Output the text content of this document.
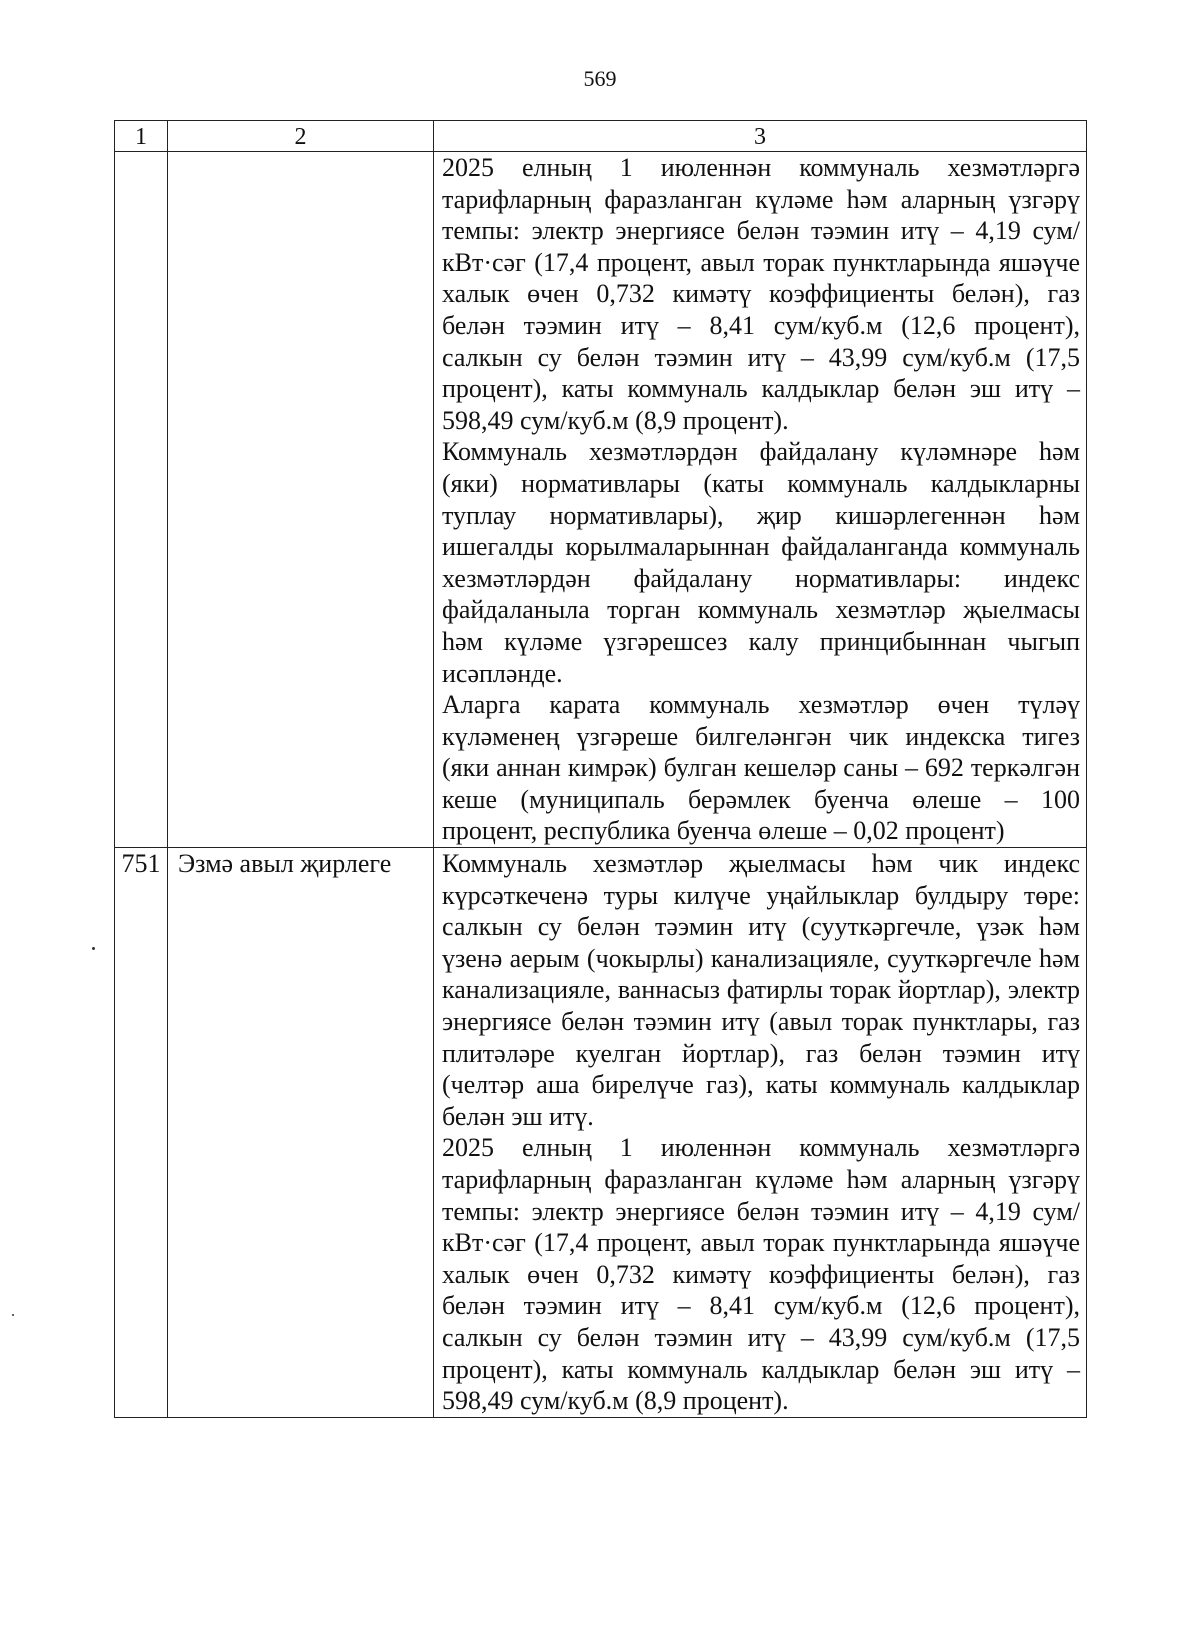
569
1	2	3

		2025 елның 1 июленнән коммуналь хезмәтләргә тарифларның фаразланган күләме һәм аларның үзгәрү темпы: электр энергиясе белән тәэмин итү – 4,19 сум/кВт·сәг (17,4 процент, авыл торак пунктларында яшәүче халык өчен 0,732 кимәтү коэффициенты белән), газ белән тәэмин итү – 8,41 сум/куб.м (12,6 процент), салкын су белән тәэмин итү – 43,99 сум/куб.м (17,5 процент), каты коммуналь калдыклар белән эш итү – 598,49 сум/куб.м (8,9 процент).

Коммуналь хезмәтләрдән файдалану күләмнәре һәм (яки) нормативлары (каты коммуналь калдыкларны туплау нормативлары), җир кишәрлегеннән һәм ишегалды корылмаларыннан файдаланганда коммуналь хезмәтләрдән файдалану нормативлары: индекс файдаланыла торган коммуналь хезмәтләр җыелмасы һәм күләме үзгәрешсез калу принцибыннан чыгып исәпләнде.

Аларга карата коммуналь хезмәтләр өчен түләү күләменең үзгәреше билгеләнгән чик индекска тигез (яки аннан кимрәк) булган кешеләр саны – 692 теркәлгән кеше (муниципаль берәмлек буенча өлеше – 100 процент, республика буенча өлеше – 0,02 процент)

751	Эзмә авыл җирлеге	Коммуналь хезмәтләр җыелмасы һәм чик индекс күрсәткеченә туры килүче уңайлыклар булдыру төре: салкын су белән тәэмин итү (сууткәргечле, үзәк һәм үзенә аерым (чокырлы) канализацияле, сууткәргечле һәм канализацияле, ваннасыз фатирлы торак йортлар), электр энергиясе белән тәэмин итү (авыл торак пунктлары, газ плитәләре куелган йортлар), газ белән тәэмин итү (челтәр аша бирелүче газ), каты коммуналь калдыклар белән эш итү.

2025 елның 1 июленнән коммуналь хезмәтләргә тарифларның фаразланган күләме һәм аларның үзгәрү темпы: электр энергиясе белән тәэмин итү – 4,19 сум/кВт·сәг (17,4 процент, авыл торак пунктларында яшәүче халык өчен 0,732 кимәтү коэффициенты белән), газ белән тәэмин итү – 8,41 сум/куб.м (12,6 процент), салкын су белән тәэмин итү – 43,99 сум/куб.м (17,5 процент), каты коммуналь калдыклар белән эш итү – 598,49 сум/куб.м (8,9 процент).
